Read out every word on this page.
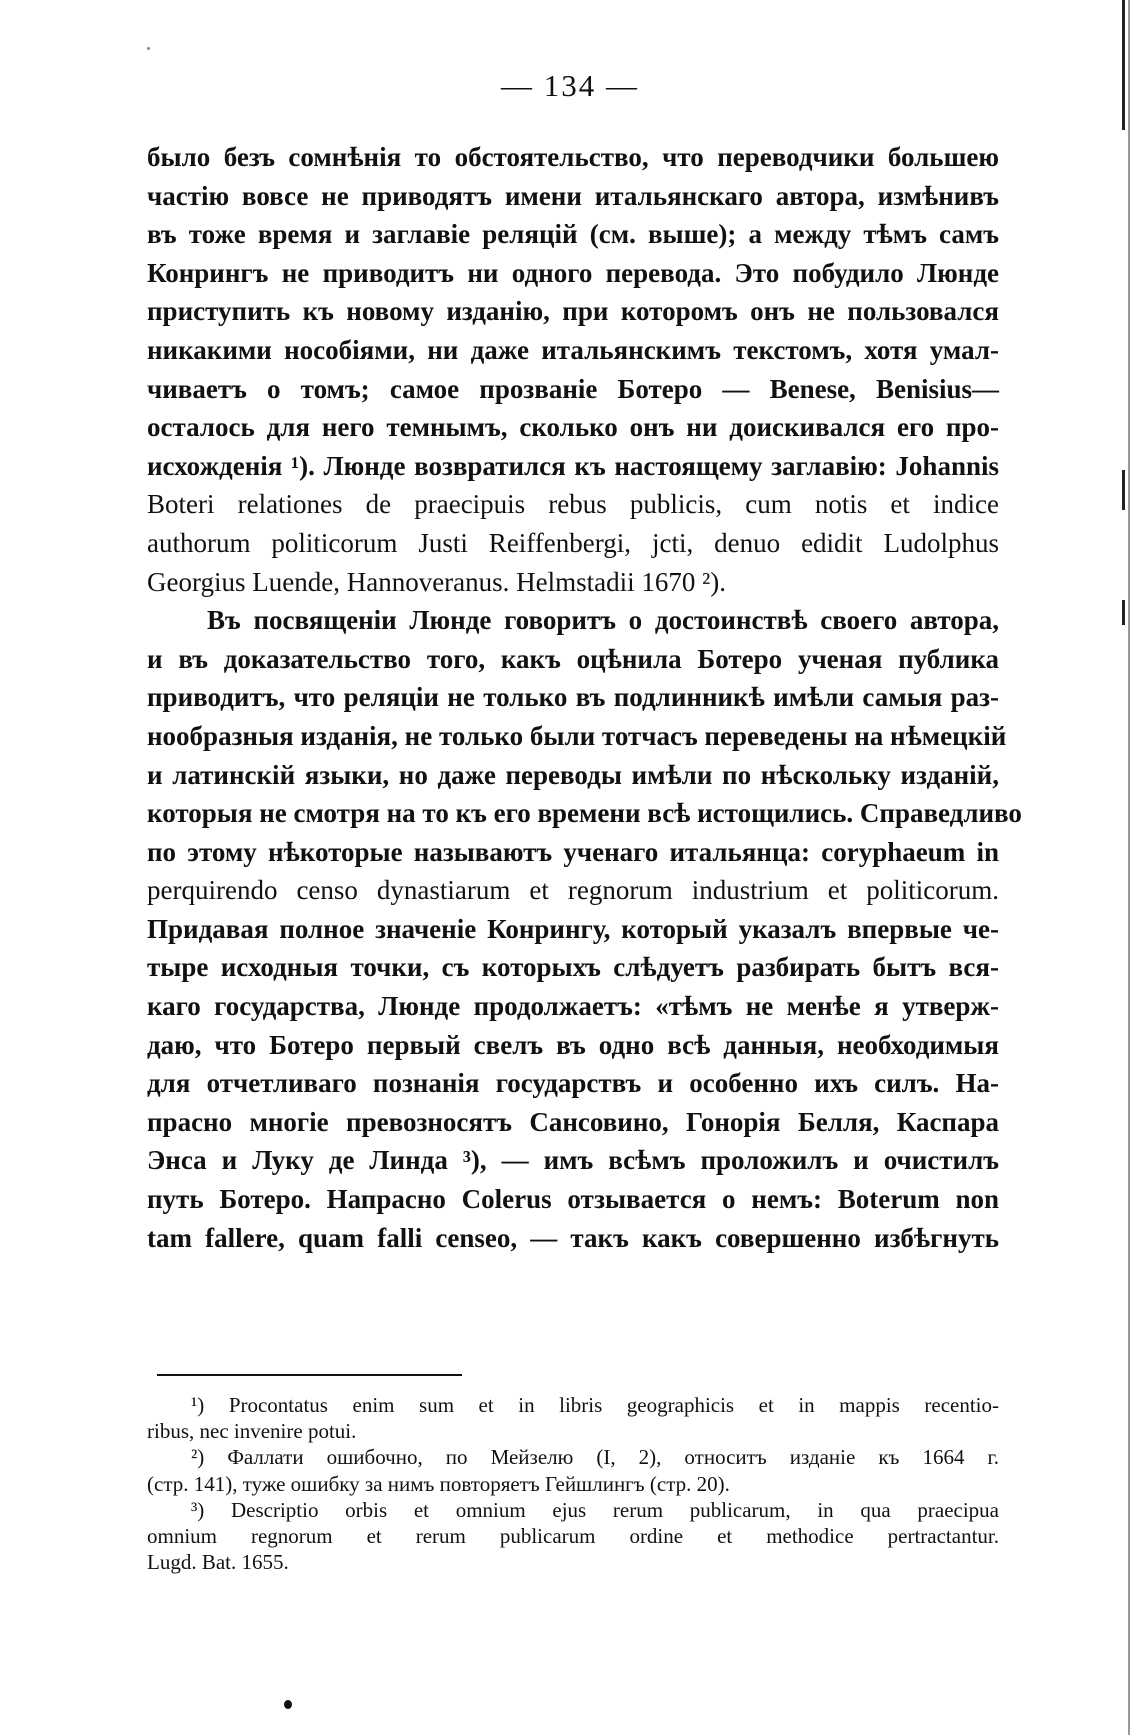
— 134 —
было безъ сомнѣнія то обстоятельство, что переводчики большею
частію вовсе не приводятъ имени итальянскаго автора, измѣнивъ
въ тоже время и заглавіе реляцій (см. выше); а между тѣмъ самъ
Конрингъ не приводитъ ни одного перевода. Это побудило Люнде
приступить къ новому изданію, при которомъ онъ не пользовался
никакими нособіями, ни даже итальянскимъ текстомъ, хотя умал-
чиваетъ о томъ; самое прозваніе Ботеро — Benese, Benisius—
осталось для него темнымъ, сколько онъ ни доискивался его про-
исхожденія ¹). Люнде возвратился къ настоящему заглавію: Johannis
Boteri relationes de praecipuis rebus publicis, cum notis et indice
authorum politicorum Justi Reiffenbergi, jcti, denuo edidit Ludolphus
Georgius Luende, Hannoveranus. Helmstadii 1670 ²).
Въ посвященіи Люнде говоритъ о достоинствѣ своего автора,
и въ доказательство того, какъ оцѣнила Ботеро ученая публика
приводитъ, что реляціи не только въ подлинникѣ имѣли самыя раз-
нообразныя изданія, не только были тотчасъ переведены на нѣмецкій
и латинскій языки, но даже переводы имѣли по нѣскольку изданій,
которыя не смотря на то къ его времени всѣ истощились. Справедливо
по этому нѣкоторые называютъ ученаго итальянца: coryphaeum in
perquirendo censo dynastiarum et regnorum industrium et politicorum.
Придавая полное значеніе Конрингу, который указалъ впервые че-
тыре исходныя точки, съ которыхъ слѣдуетъ разбирать бытъ вся-
каго государства, Люнде продолжаетъ: «тѣмъ не менѣе я утверж-
даю, что Ботеро первый свелъ въ одно всѣ данныя, необходимыя
для отчетливаго познанія государствъ и особенно ихъ силъ. На-
прасно многіе превозносятъ Сансовино, Гонорія Белля, Каспара
Энса и Луку де Линда ³), — имъ всѣмъ проложилъ и очистилъ
путь Ботеро. Напрасно Colerus отзывается о немъ: Boterum non
tam fallere, quam falli censeo, — такъ какъ совершенно избѣгнуть
¹) Procontatus enim sum et in libris geographicis et in mappis recentio-
ribus, nec invenire potui.
²) Фаллати ошибочно, по Мейзелю (I, 2), относитъ изданіе къ 1664 г.
(стр. 141), туже ошибку за нимъ повторяетъ Гейшлингъ (стр. 20).
³) Descriptio orbis et omnium ejus rerum publicarum, in qua praecipua
omnium regnorum et rerum publicarum ordine et methodice pertractantur.
Lugd. Bat. 1655.
